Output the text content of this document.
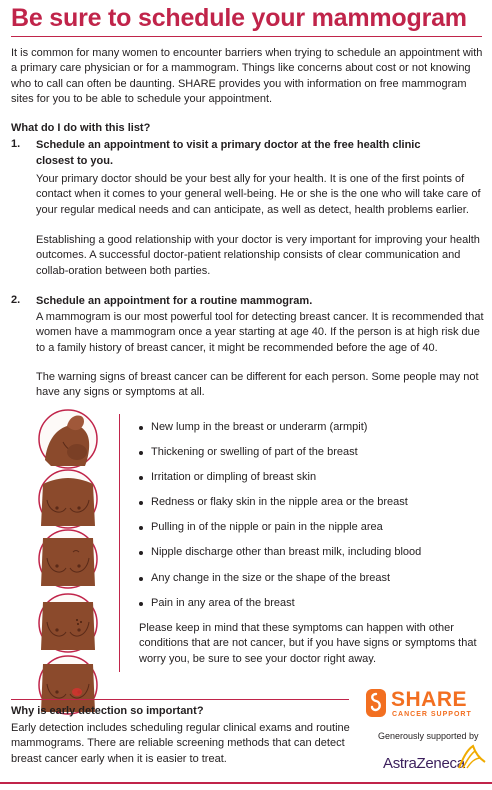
Be sure to schedule your mammogram

It is common for many women to encounter barriers when trying to schedule an appointment with a primary care physician or for a mammogram. Things like concerns about cost or not knowing who to call can often be daunting. SHARE provides you with information on free mammogram sites for you to be able to schedule your appointment.

What do I do with this list?

1. Schedule an appointment to visit a primary doctor at the free health clinic

closest to you.

Your primary doctor should be your best ally for your health. It is one of the first points of contact when it comes to your general well-being. He or she is the one who will take care of your regular medical needs and can anticipate, as well as detect, health problems earlier.

Establishing a good relationship with your doctor is very important for improving your health outcomes. A successful doctor-patient relationship consists of clear communication and collab-oration between both parties.

2. Schedule an appointment for a routine mammogram.

A mammogram is our most powerful tool for detecting breast cancer. It is recommended that women have a mammogram once a year starting at age 40. If the person is at high risk due to a family history of breast cancer, it might be recommended before the age of 40.

The warning signs of breast cancer can be different for each person. Some people may not have any signs or symptoms at all.

New lump in the breast or underarm (armpit)
Thickening or swelling of part of the breast
Irritation or dimpling of breast skin
Redness or flaky skin in the nipple area or the breast
Pulling in of the nipple or pain in the nipple area
Nipple discharge other than breast milk, including blood
Any change in the size or the shape of the breast
Pain in any area of the breast

Please keep in mind that these symptoms can happen with other conditions that are not cancer, but if you have signs or symptoms that worry you, be sure to see your doctor right away.

Why is early detection so important?

Early detection includes scheduling regular clinical exams and routine mammograms. There are reliable screening methods that can detect breast cancer early when it is easier to treat.

SHARE
CANCER SUPPORT
Generously supported by
AstraZeneca
